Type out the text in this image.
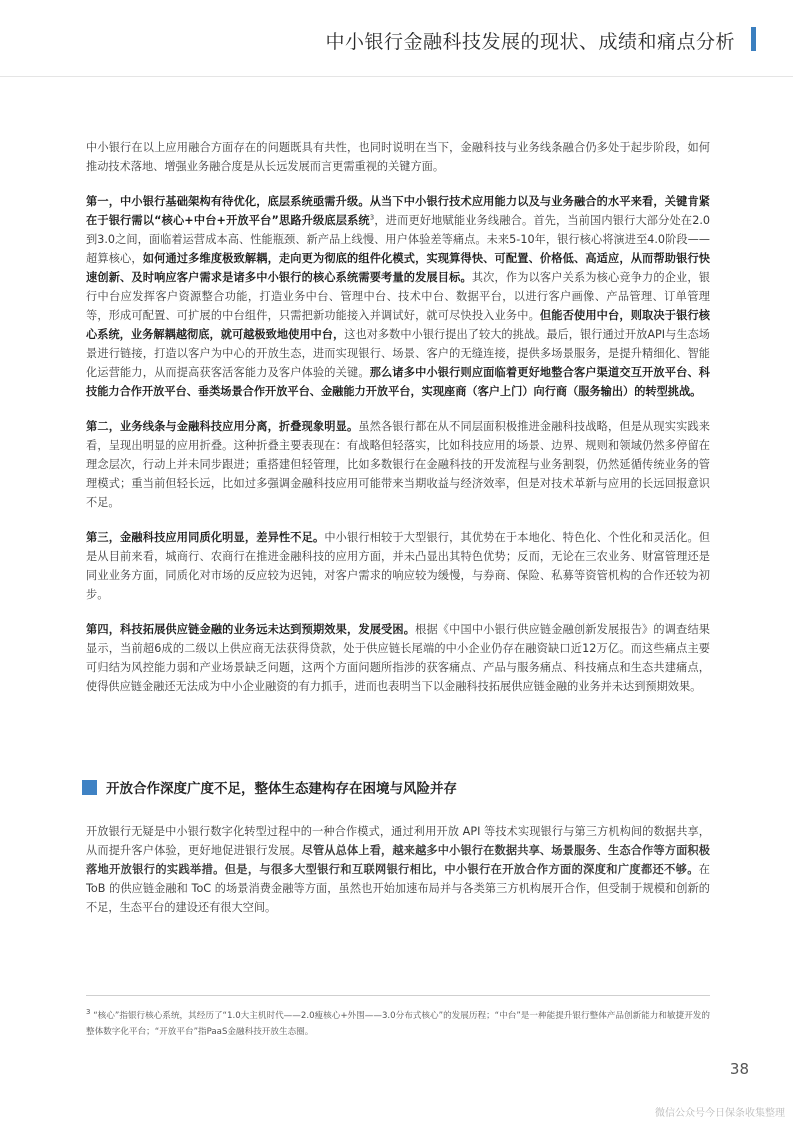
中小银行金融科技发展的现状、成绩和痛点分析

中小银行在以上应用融合方面存在的问题既具有共性，也同时说明在当下，金融科技与业务线条融合仍多处于起步阶段，如何推动技术落地、增强业务融合度是从长远发展而言更需重视的关键方面。

第一，中小银行基础架构有待优化，底层系统亟需升级。从当下中小银行技术应用能力以及与业务融合的水平来看，关键肯紧在于银行需以“核心+中台+开放平台”思路升级底层系统$^3$，进而更好地赋能业务线融合。首先，当前国内银行大部分处在2.0到3.0之间，面临着运营成本高、性能瓶颈、新产品上线慢、用户体验差等痛点。未来5-10年，银行核心将演进至4.0阶段——超算核心，如何通过多维度极致解耦，走向更为彻底的组件化模式，实现算得快、可配置、价格低、高适应，从而帮助银行快速创新、及时响应客户需求是诸多中小银行的核心系统需要考量的发展目标。其次，作为以客户关系为核心竞争力的企业，银行中台应发挥客户资源整合功能，打造业务中台、管理中台、技术中台、数据平台，以进行客户画像、产品管理、订单管理等，形成可配置、可扩展的中台组件，只需把新功能接入并调试好，就可尽快投入业务中。但能否使用中台，则取决于银行核心系统，业务解耦越彻底，就可越极致地使用中台，这也对多数中小银行提出了较大的挑战。最后，银行通过开放API与生态场景进行链接，打造以客户为中心的开放生态，进而实现银行、场景、客户的无缝连接，提供多场景服务，是提升精细化、智能化运营能力，从而提高获客活客能力及客户体验的关键。那么诸多中小银行则应面临着更好地整合客户渠道交互开放平台、科技能力合作开放平台、垂类场景合作开放平台、金融能力开放平台，实现座商（客户上门）向行商（服务输出）的转型挑战。

第二，业务线条与金融科技应用分离，折叠现象明显。虽然各银行都在从不同层面积极推进金融科技战略，但是从现实实践来看，呈现出明显的应用折叠。这种折叠主要表现在：有战略但轻落实，比如科技应用的场景、边界、规则和领域仍然多停留在理念层次，行动上并未同步跟进；重搭建但轻管理，比如多数银行在金融科技的开发流程与业务割裂，仍然延循传统业务的管理模式；重当前但轻长远，比如过多强调金融科技应用可能带来当期收益与经济效率，但是对技术革新与应用的长远回报意识不足。

第三，金融科技应用同质化明显，差异性不足。中小银行相较于大型银行，其优势在于本地化、特色化、个性化和灵活化。但是从目前来看，城商行、农商行在推进金融科技的应用方面，并未凸显出其特色优势；反而，无论在三农业务、财富管理还是同业业务方面，同质化对市场的反应较为迟钝，对客户需求的响应较为缓慢，与券商、保险、私募等资管机构的合作还较为初步。

第四，科技拓展供应链金融的业务远未达到预期效果，发展受困。根据《中国中小银行供应链金融创新发展报告》的调查结果显示，当前超6成的二级以上供应商无法获得贷款，处于供应链长尾端的中小企业仍存在融资缺口近12万亿。而这些痛点主要可归结为风控能力弱和产业场景缺乏问题，这两个方面问题所指涉的获客痛点、产品与服务痛点、科技痛点和生态共建痛点，使得供应链金融还无法成为中小企业融资的有力抓手，进而也表明当下以金融科技拓展供应链金融的业务并未达到预期效果。

开放合作深度广度不足，整体生态建构存在困境与风险并存

开放银行无疑是中小银行数字化转型过程中的一种合作模式，通过利用开放 API 等技术实现银行与第三方机构间的数据共享，从而提升客户体验，更好地促进银行发展。尽管从总体上看，越来越多中小银行在数据共享、场景服务、生态合作等方面积极落地开放银行的实践举措。但是，与很多大型银行和互联网银行相比，中小银行在开放合作方面的深度和广度都还不够。在 ToB 的供应链金融和 ToC 的场景消费金融等方面，虽然也开始加速布局并与各类第三方机构展开合作，但受制于规模和创新的不足，生态平台的建设还有很大空间。

$^3$ “核心”指银行核心系统，其经历了“1.0大主机时代——2.0瘦核心+外围——3.0分布式核心”的发展历程；“中台”是一种能提升银行整体产品创新能力和敏捷开发的整体数字化平台；“开放平台”指PaaS金融科技开放生态圈。
38
微信公众号今日保条收集整理
